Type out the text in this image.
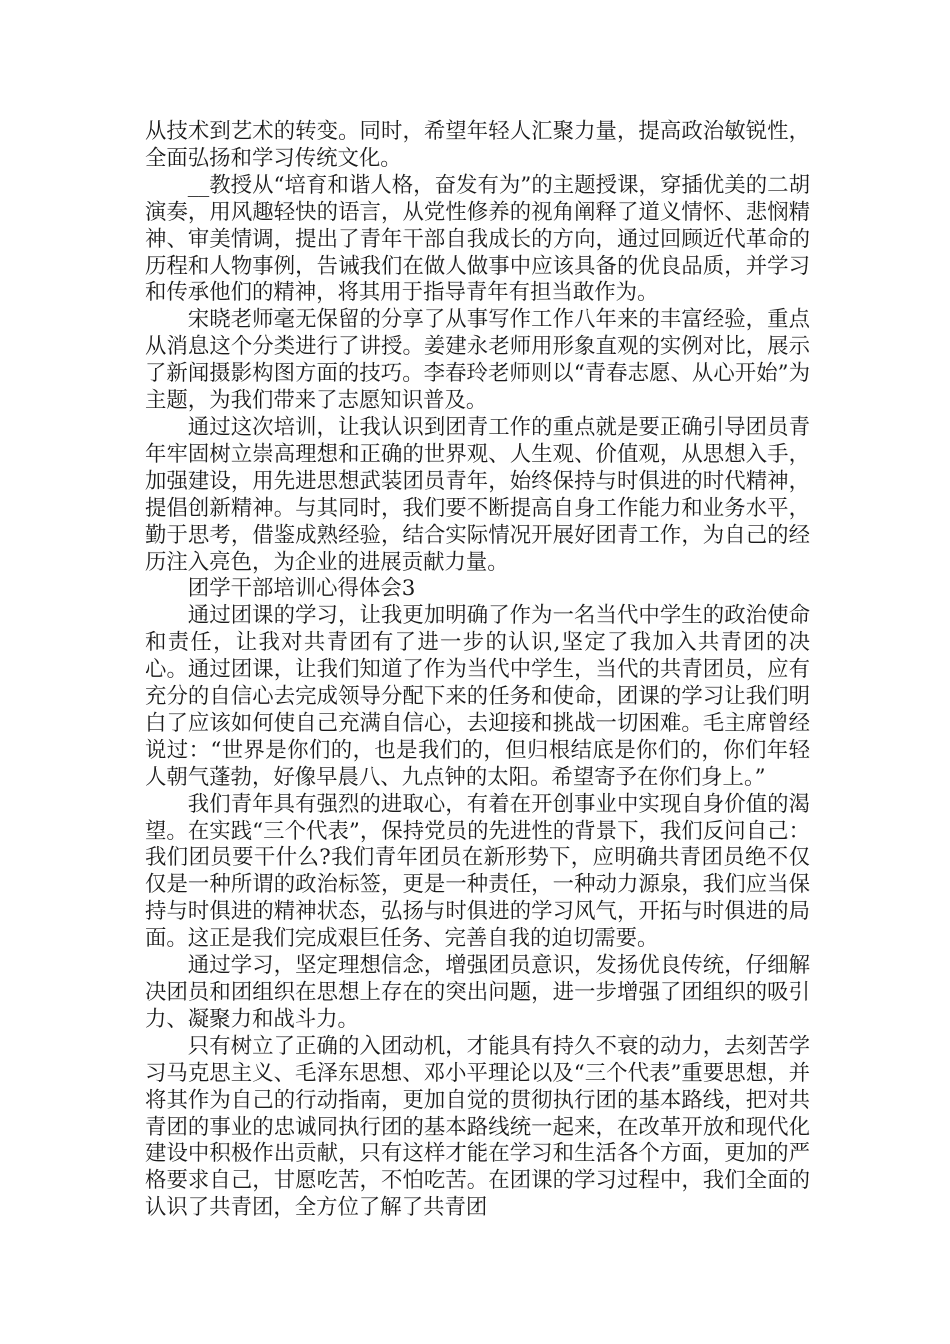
从技术到艺术的转变。同时，希望年轻人汇聚力量，提高政治敏锐性，全面弘扬和学习传统文化。

__教授从“培育和谐人格，奋发有为”的主题授课，穿插优美的二胡演奏，用风趣轻快的语言，从党性修养的视角阐释了道义情怀、悲悯精神、审美情调，提出了青年干部自我成长的方向，通过回顾近代革命的历程和人物事例，告诫我们在做人做事中应该具备的优良品质，并学习和传承他们的精神，将其用于指导青年有担当敢作为。

宋晓老师毫无保留的分享了从事写作工作八年来的丰富经验，重点从消息这个分类进行了讲授。姜建永老师用形象直观的实例对比，展示了新闻摄影构图方面的技巧。李春玲老师则以“青春志愿、从心开始”为主题，为我们带来了志愿知识普及。

通过这次培训，让我认识到团青工作的重点就是要正确引导团员青年牢固树立崇高理想和正确的世界观、人生观、价值观，从思想入手，加强建设，用先进思想武装团员青年，始终保持与时俱进的时代精神，提倡创新精神。与其同时，我们要不断提高自身工作能力和业务水平，勤于思考，借鉴成熟经验，结合实际情况开展好团青工作，为自己的经历注入亮色，为企业的进展贡献力量。

团学干部培训心得体会3

通过团课的学习，让我更加明确了作为一名当代中学生的政治使命和责任，让我对共青团有了进一步的认识,坚定了我加入共青团的决心。通过团课，让我们知道了作为当代中学生，当代的共青团员，应有充分的自信心去完成领导分配下来的任务和使命，团课的学习让我们明白了应该如何使自己充满自信心，去迎接和挑战一切困难。毛主席曾经说过：“世界是你们的，也是我们的，但归根结底是你们的，你们年轻人朝气蓬勃，好像早晨八、九点钟的太阳。希望寄予在你们身上。”

我们青年具有强烈的进取心，有着在开创事业中实现自身价值的渴望。在实践“三个代表”，保持党员的先进性的背景下，我们反问自己：我们团员要干什么?我们青年团员在新形势下，应明确共青团员绝不仅仅是一种所谓的政治标签，更是一种责任，一种动力源泉，我们应当保持与时俱进的精神状态，弘扬与时俱进的学习风气，开拓与时俱进的局面。这正是我们完成艰巨任务、完善自我的迫切需要。

通过学习，坚定理想信念，增强团员意识，发扬优良传统，仔细解决团员和团组织在思想上存在的突出问题，进一步增强了团组织的吸引力、凝聚力和战斗力。

只有树立了正确的入团动机，才能具有持久不衰的动力，去刻苦学习马克思主义、毛泽东思想、邓小平理论以及“三个代表”重要思想，并将其作为自己的行动指南，更加自觉的贯彻执行团的基本路线，把对共青团的事业的忠诚同执行团的基本路线统一起来，在改革开放和现代化建设中积极作出贡献，只有这样才能在学习和生活各个方面，更加的严格要求自己，甘愿吃苦，不怕吃苦。在团课的学习过程中，我们全面的认识了共青团，全方位了解了共青团
